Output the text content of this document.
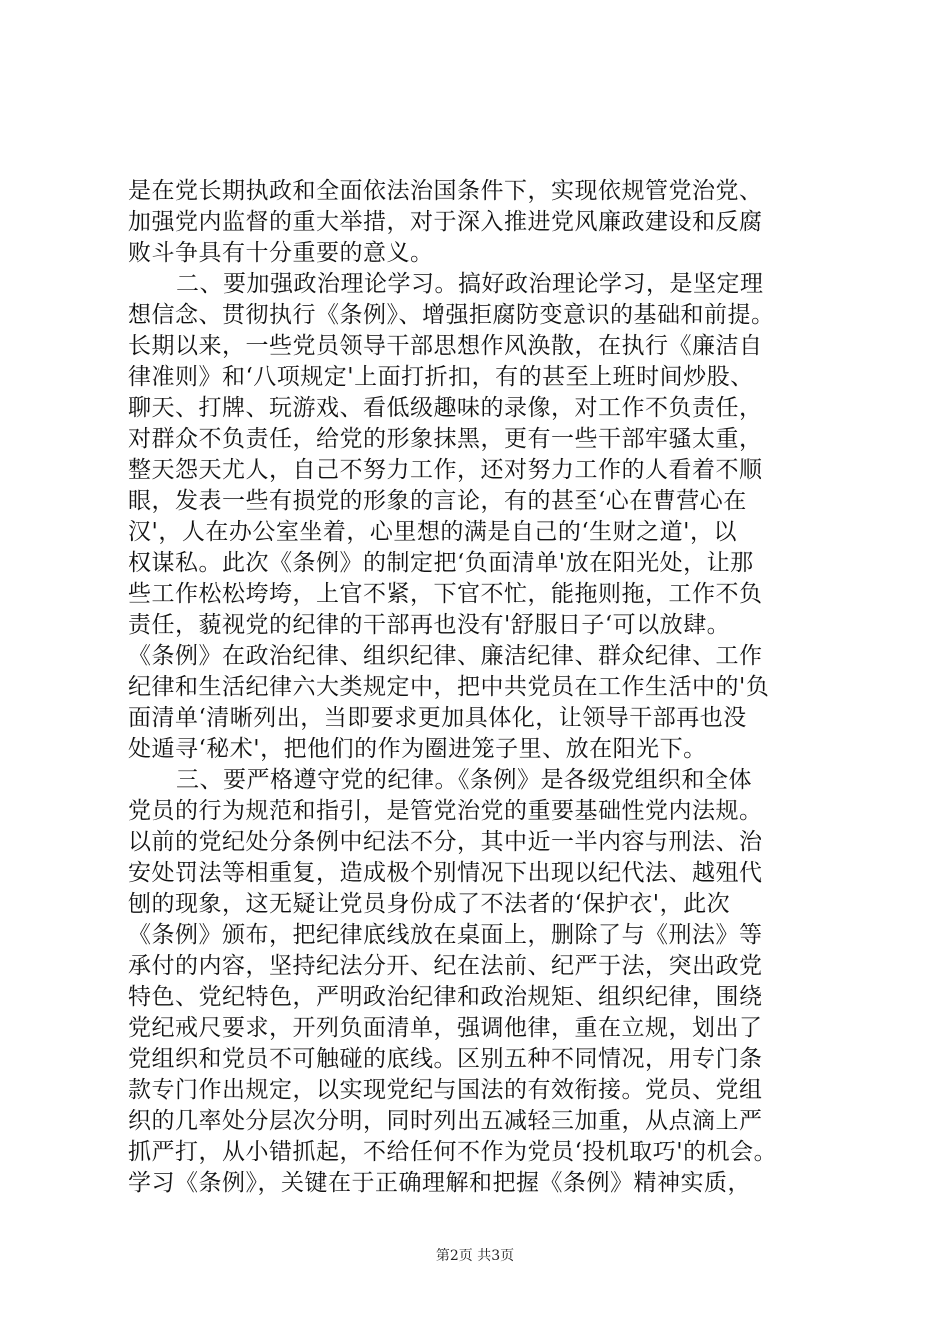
是在党长期执政和全面依法治国条件下，实现依规管党治党、
加强党内监督的重大举措，对于深入推进党风廉政建设和反腐
败斗争具有十分重要的意义。
二、要加强政治理论学习。搞好政治理论学习，是坚定理
想信念、贯彻执行《条例》、增强拒腐防变意识的基础和前提。
长期以来，一些党员领导干部思想作风涣散，在执行《廉洁自
律准则》和‘八项规定'上面打折扣，有的甚至上班时间炒股、
聊天、打牌、玩游戏、看低级趣味的录像，对工作不负责任，
对群众不负责任，给党的形象抹黑，更有一些干部牢骚太重，
整天怨天尤人，自己不努力工作，还对努力工作的人看着不顺
眼，发表一些有损党的形象的言论，有的甚至‘心在曹营心在
汉'，人在办公室坐着，心里想的满是自己的‘生财之道'，以
权谋私。此次《条例》的制定把‘负面清单'放在阳光处，让那
些工作松松垮垮，上官不紧，下官不忙，能拖则拖，工作不负
责任，藐视党的纪律的干部再也没有'舒服日子‘可以放肆。
《条例》在政治纪律、组织纪律、廉洁纪律、群众纪律、工作
纪律和生活纪律六大类规定中，把中共党员在工作生活中的'负
面清单‘清晰列出，当即要求更加具体化，让领导干部再也没
处遁寻‘秘术'，把他们的作为圈进笼子里、放在阳光下。
三、要严格遵守党的纪律。《条例》是各级党组织和全体
党员的行为规范和指引，是管党治党的重要基础性党内法规。
以前的党纪处分条例中纪法不分，其中近一半内容与刑法、治
安处罚法等相重复，造成极个别情况下出现以纪代法、越殂代
刨的现象，这无疑让党员身份成了不法者的‘保护衣'，此次
《条例》颁布，把纪律底线放在桌面上，删除了与《刑法》等
承付的内容，坚持纪法分开、纪在法前、纪严于法，突出政党
特色、党纪特色，严明政治纪律和政治规矩、组织纪律，围绕
党纪戒尺要求，开列负面清单，强调他律，重在立规，划出了
党组织和党员不可触碰的底线。区别五种不同情况，用专门条
款专门作出规定，以实现党纪与国法的有效衔接。党员、党组
织的几率处分层次分明，同时列出五减轻三加重，从点滴上严
抓严打，从小错抓起，不给任何不作为党员‘投机取巧'的机会。
学习《条例》，关键在于正确理解和把握《条例》精神实质，
第2页 共3页
